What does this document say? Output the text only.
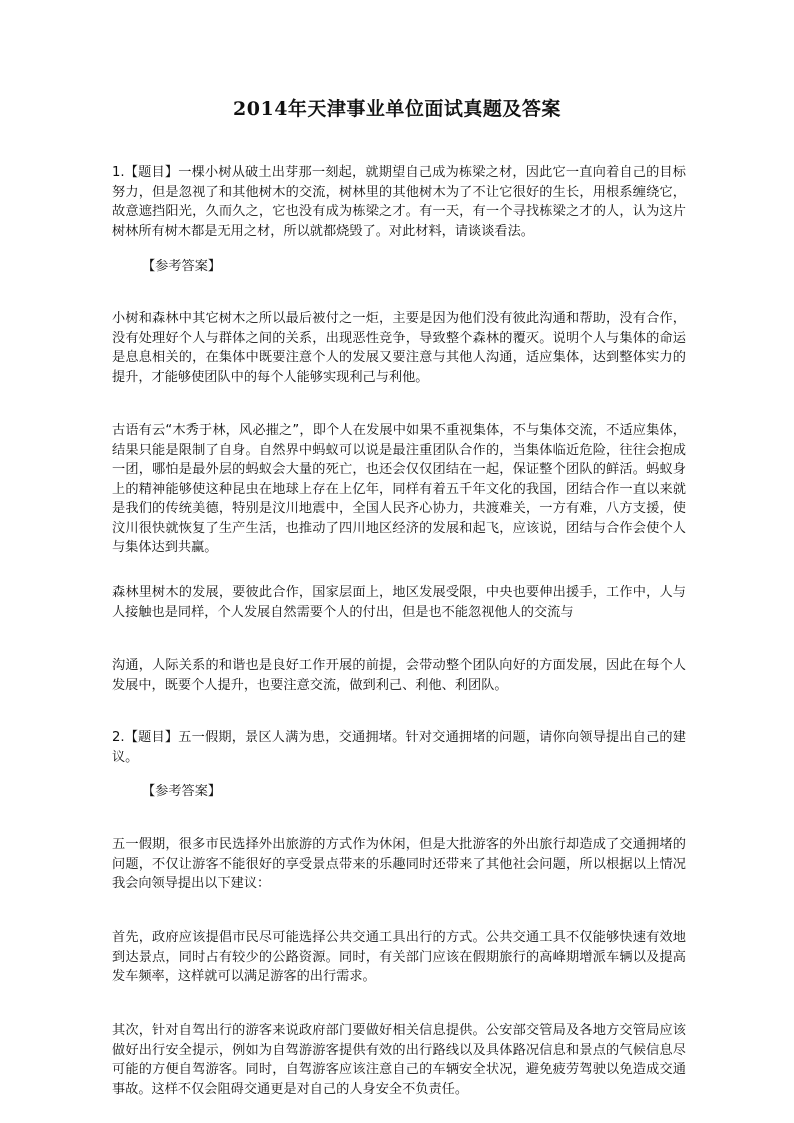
2014年天津事业单位面试真题及答案

1.【题目】一棵小树从破土出芽那一刻起，就期望自己成为栋梁之材，因此它一直向着自己的目标努力，但是忽视了和其他树木的交流，树林里的其他树木为了不让它很好的生长，用根系缠绕它，故意遮挡阳光，久而久之，它也没有成为栋梁之才。有一天，有一个寻找栋梁之才的人，认为这片树林所有树木都是无用之材，所以就都烧毁了。对此材料，请谈谈看法。

【参考答案】

小树和森林中其它树木之所以最后被付之一炬，主要是因为他们没有彼此沟通和帮助，没有合作，没有处理好个人与群体之间的关系，出现恶性竞争，导致整个森林的覆灭。说明个人与集体的命运是息息相关的，在集体中既要注意个人的发展又要注意与其他人沟通，适应集体，达到整体实力的提升，才能够使团队中的每个人能够实现利己与利他。

古语有云“木秀于林，风必摧之”，即个人在发展中如果不重视集体，不与集体交流，不适应集体，结果只能是限制了自身。自然界中蚂蚁可以说是最注重团队合作的，当集体临近危险，往往会抱成一团，哪怕是最外层的蚂蚁会大量的死亡，也还会仅仅团结在一起，保证整个团队的鲜活。蚂蚁身上的精神能够使这种昆虫在地球上存在上亿年，同样有着五千年文化的我国，团结合作一直以来就是我们的传统美德，特别是汶川地震中，全国人民齐心协力，共渡难关，一方有难，八方支援，使汶川很快就恢复了生产生活，也推动了四川地区经济的发展和起飞，应该说，团结与合作会使个人与集体达到共赢。

森林里树木的发展，要彼此合作，国家层面上，地区发展受限，中央也要伸出援手，工作中，人与人接触也是同样，个人发展自然需要个人的付出，但是也不能忽视他人的交流与

沟通，人际关系的和谐也是良好工作开展的前提，会带动整个团队向好的方面发展，因此在每个人发展中，既要个人提升，也要注意交流，做到利己、利他、利团队。

2.【题目】五一假期，景区人满为患，交通拥堵。针对交通拥堵的问题，请你向领导提出自己的建议。

【参考答案】

五一假期，很多市民选择外出旅游的方式作为休闲，但是大批游客的外出旅行却造成了交通拥堵的问题，不仅让游客不能很好的享受景点带来的乐趣同时还带来了其他社会问题，所以根据以上情况我会向领导提出以下建议：

首先，政府应该提倡市民尽可能选择公共交通工具出行的方式。公共交通工具不仅能够快速有效地到达景点，同时占有较少的公路资源。同时，有关部门应该在假期旅行的高峰期增派车辆以及提高发车频率，这样就可以满足游客的出行需求。

其次，针对自驾出行的游客来说政府部门要做好相关信息提供。公安部交管局及各地方交管局应该做好出行安全提示，例如为自驾游游客提供有效的出行路线以及具体路况信息和景点的气候信息尽可能的方便自驾游客。同时，自驾游客应该注意自己的车辆安全状况，避免疲劳驾驶以免造成交通事故。这样不仅会阻碍交通更是对自己的人身安全不负责任。
